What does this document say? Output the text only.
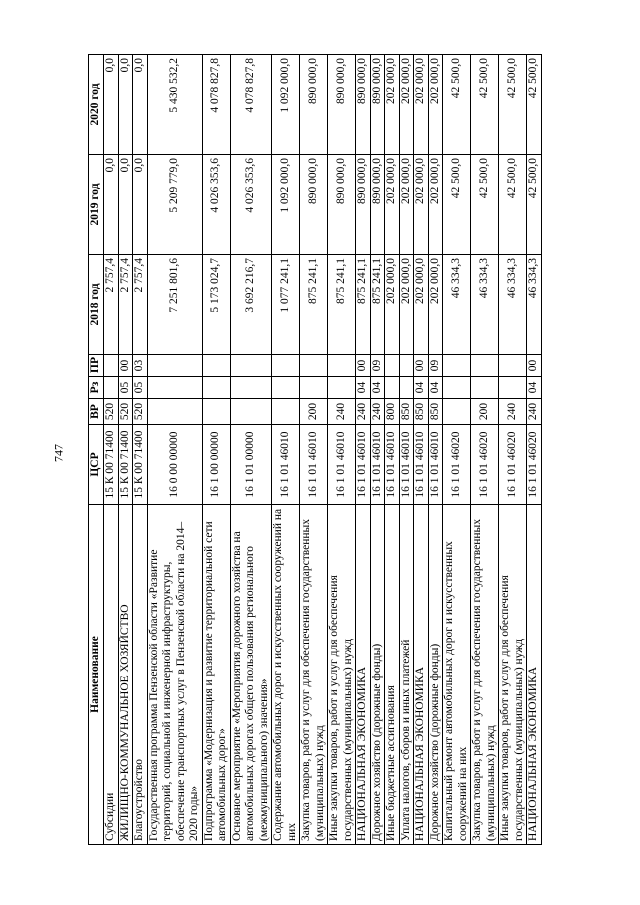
747
Наименование	ЦСР	ВР	Рз	ПР	2018 год	2019 год	2020 год
Субсидии	15 К 00 71400	520			2 757,4	0,0	0,0
ЖИЛИЩНО-КОММУНАЛЬНОЕ ХОЗЯЙСТВО	15 К 00 71400	520	05	00	2 757,4	0,0	0,0
Благоустройство	15 К 00 71400	520	05	03	2 757,4	0,0	0,0
Государственная программа Пензенской области «Развитие территорий, социальной и инженерной инфраструктуры, обеспечение транспортных услуг в Пензенской области на 2014–2020 годы»	16 0 00 00000				7 251 801,6	5 209 779,0	5 430 532,2
Подпрограмма «Модернизация и развитие территориальной сети автомобильных дорог»	16 1 00 00000				5 173 024,7	4 026 353,6	4 078 827,8
Основное мероприятие «Мероприятия дорожного хозяйства на автомобильных дорогах общего пользования регионального (межмуниципального) значения»	16 1 01 00000				3 692 216,7	4 026 353,6	4 078 827,8
Содержание автомобильных дорог и искусственных сооружений на них	16 1 01 46010				1 077 241,1	1 092 000,0	1 092 000,0
Закупка товаров, работ и услуг для обеспечения государственных (муниципальных) нужд	16 1 01 46010	200			875 241,1	890 000,0	890 000,0
Иные закупки товаров, работ и услуг для обеспечения государственных (муниципальных) нужд	16 1 01 46010	240			875 241,1	890 000,0	890 000,0
НАЦИОНАЛЬНАЯ ЭКОНОМИКА	16 1 01 46010	240	04	00	875 241,1	890 000,0	890 000,0
Дорожное хозяйство (дорожные фонды)	16 1 01 46010	240	04	09	875 241,1	890 000,0	890 000,0
Иные бюджетные ассигнования	16 1 01 46010	800			202 000,0	202 000,0	202 000,0
Уплата налогов, сборов и иных платежей	16 1 01 46010	850			202 000,0	202 000,0	202 000,0
НАЦИОНАЛЬНАЯ ЭКОНОМИКА	16 1 01 46010	850	04	00	202 000,0	202 000,0	202 000,0
Дорожное хозяйство (дорожные фонды)	16 1 01 46010	850	04	09	202 000,0	202 000,0	202 000,0
Капитальный ремонт автомобильных дорог и искусственных сооружений на них	16 1 01 46020				46 334,3	42 500,0	42 500,0
Закупка товаров, работ и услуг для обеспечения государственных (муниципальных) нужд	16 1 01 46020	200			46 334,3	42 500,0	42 500,0
Иные закупки товаров, работ и услуг для обеспечения государственных (муниципальных) нужд	16 1 01 46020	240			46 334,3	42 500,0	42 500,0
НАЦИОНАЛЬНАЯ ЭКОНОМИКА	16 1 01 46020	240	04	00	46 334,3	42 500,0	42 500,0
